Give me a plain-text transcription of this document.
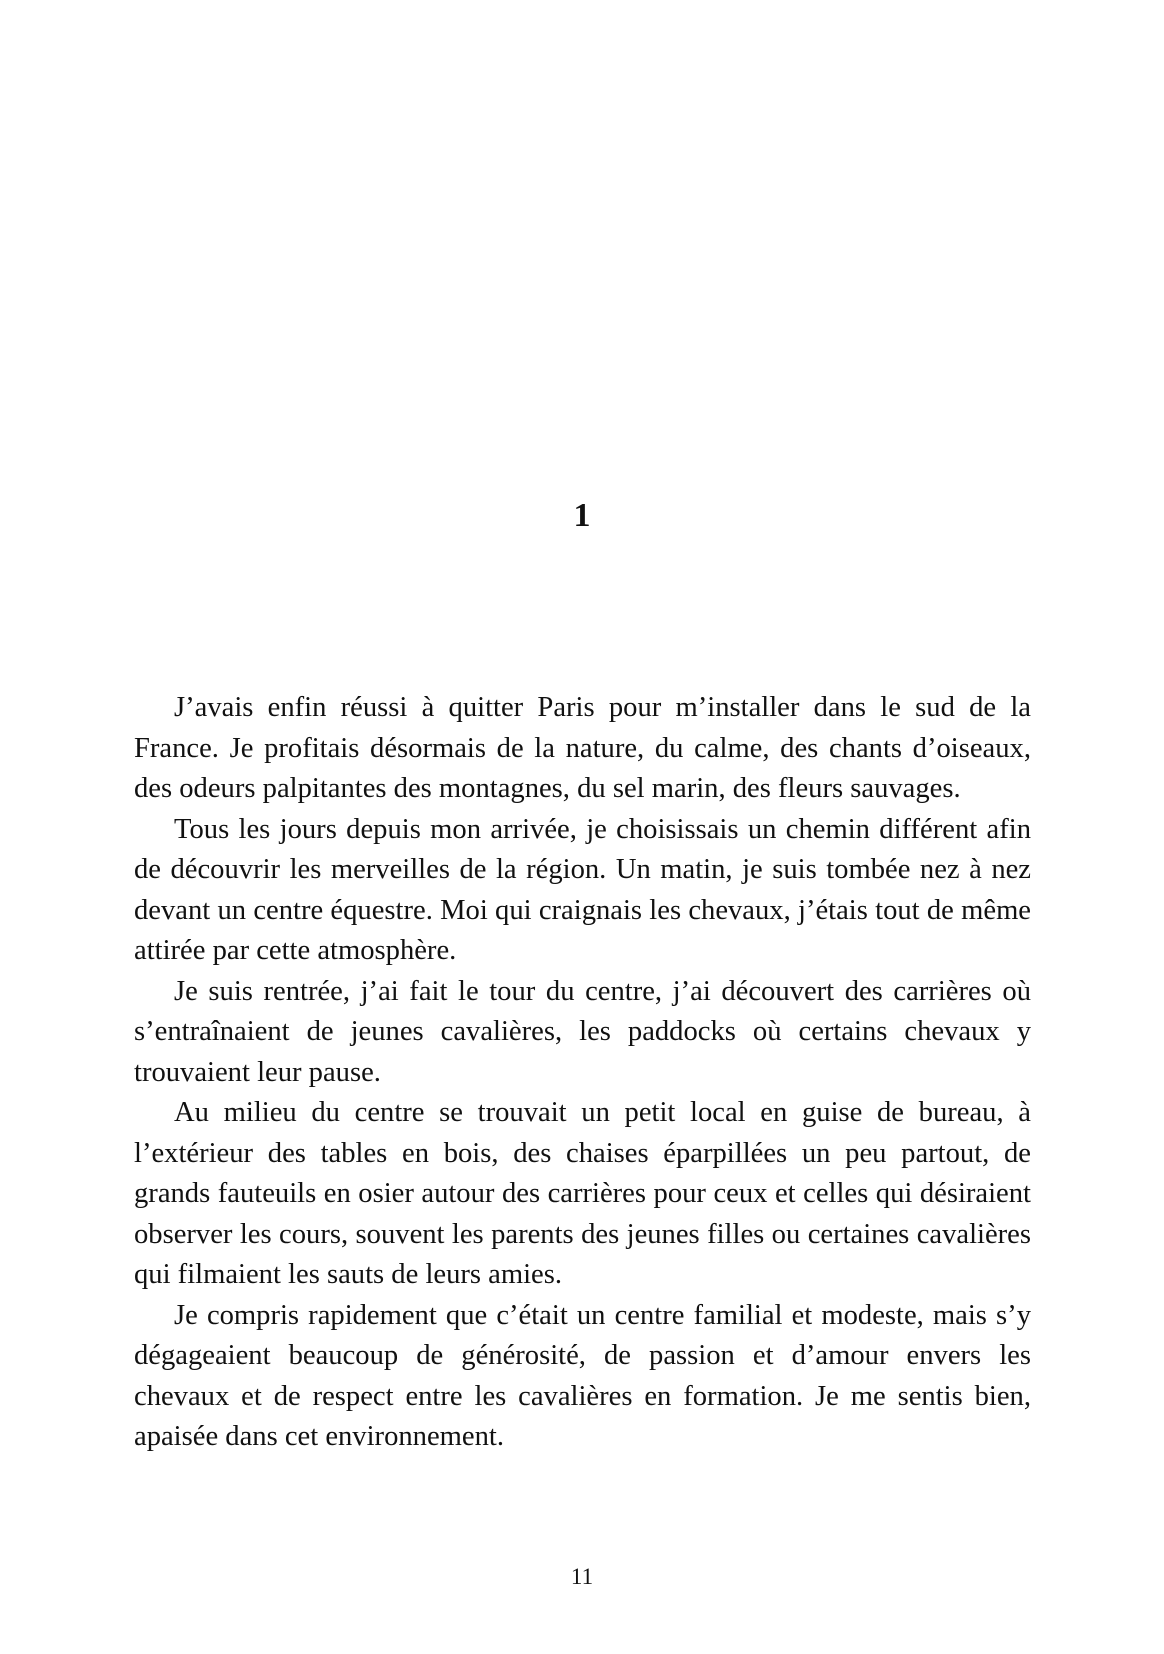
1

J’avais enfin réussi à quitter Paris pour m’installer dans le sud de la France. Je profitais désormais de la nature, du calme, des chants d’oiseaux, des odeurs palpitantes des montagnes, du sel marin, des fleurs sauvages.

Tous les jours depuis mon arrivée, je choisissais un chemin différent afin de découvrir les merveilles de la région. Un matin, je suis tombée nez à nez devant un centre équestre. Moi qui craignais les chevaux, j’étais tout de même attirée par cette atmosphère.

Je suis rentrée, j’ai fait le tour du centre, j’ai découvert des carrières où s’entraînaient de jeunes cavalières, les paddocks où certains chevaux y trouvaient leur pause.

Au milieu du centre se trouvait un petit local en guise de bureau, à l’extérieur des tables en bois, des chaises éparpillées un peu partout, de grands fauteuils en osier autour des carrières pour ceux et celles qui désiraient observer les cours, souvent les parents des jeunes filles ou certaines cavalières qui filmaient les sauts de leurs amies.

Je compris rapidement que c’était un centre familial et modeste, mais s’y dégageaient beaucoup de générosité, de passion et d’amour envers les chevaux et de respect entre les cavalières en formation. Je me sentis bien, apaisée dans cet environnement.

11
